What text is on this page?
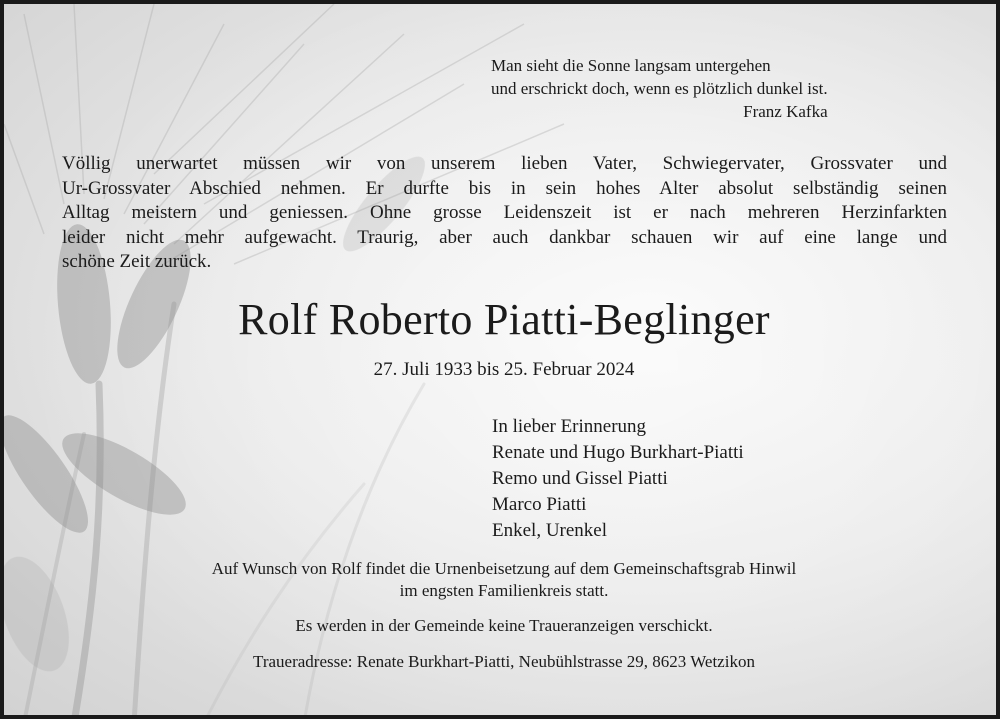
Man sieht die Sonne langsam untergehen
und erschrickt doch, wenn es plötzlich dunkel ist.
Franz Kafka

Völlig unerwartet müssen wir von unserem lieben Vater, Schwiegervater, Grossvater und
Ur-Grossvater Abschied nehmen. Er durfte bis in sein hohes Alter absolut selbständig seinen
Alltag meistern und geniessen. Ohne grosse Leidenszeit ist er nach mehreren Herzinfarkten
leider nicht mehr aufgewacht. Traurig, aber auch dankbar schauen wir auf eine lange und
schöne Zeit zurück.
Rolf Roberto Piatti-Beglinger
27. Juli 1933 bis 25. Februar 2024
In lieber Erinnerung
Renate und Hugo Burkhart-Piatti
Remo und Gissel Piatti
Marco Piatti
Enkel, Urenkel
Auf Wunsch von Rolf findet die Urnenbeisetzung auf dem Gemeinschaftsgrab Hinwil
im engsten Familienkreis statt.
Es werden in der Gemeinde keine Traueranzeigen verschickt.
Traueradresse: Renate Burkhart-Piatti, Neubühlstrasse 29, 8623 Wetzikon
